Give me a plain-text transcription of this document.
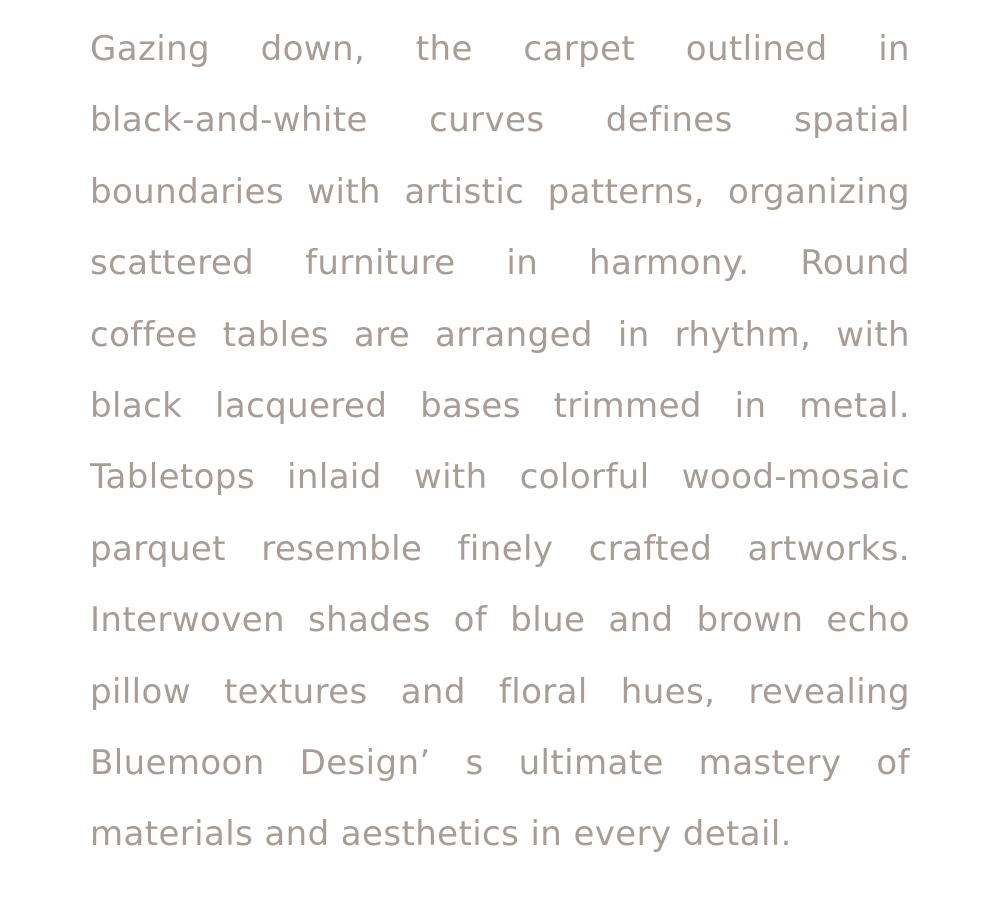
Gazing down, the carpet outlined in
black-and-white curves defines spatial
boundaries with artistic patterns, organizing
scattered furniture in harmony. Round
coffee tables are arranged in rhythm, with
black lacquered bases trimmed in metal.
Tabletops inlaid with colorful wood-mosaic
parquet resemble finely crafted artworks.
Interwoven shades of blue and brown echo
pillow textures and floral hues, revealing
Bluemoon Design’ s ultimate mastery of
materials and aesthetics in every detail.
